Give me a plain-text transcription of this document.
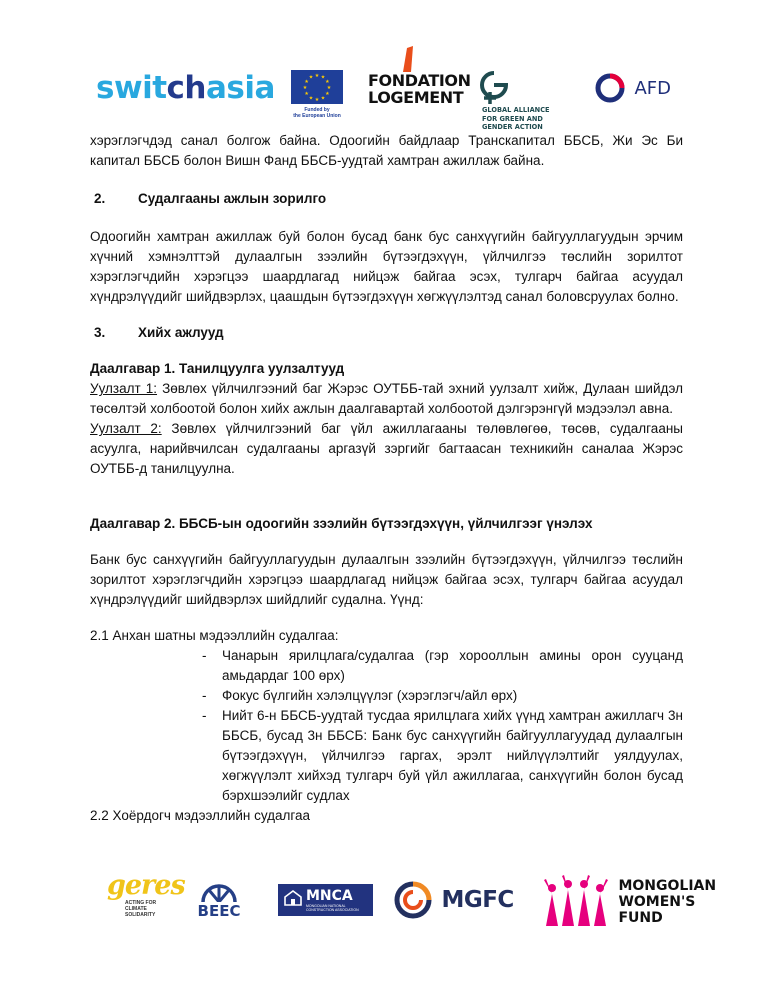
switchasia	★ ★
★
★
★
★
★
★
★
★
★
★
Funded by
the European Union
FONDATION
LOGEMENT
GLOBAL ALLIANCE
FOR GREEN AND
GENDER ACTION
AFD

хэрэглэгчдэд санал болгож байна. Одоогийн байдлаар Транскапитал ББСБ, Жи Эс Би капитал ББСБ болон Вишн Фанд ББСБ-уудтай хамтран ажиллаж байна.

2.	Судалгааны ажлын зорилго

Одоогийн хамтран ажиллаж буй болон бусад банк бус санхүүгийн байгууллагуудын эрчим хүчний хэмнэлттэй дулаалгын зээлийн бүтээгдэхүүн, үйлчилгээ төслийн зорилтот хэрэглэгчдийн хэрэгцээ шаардлагад нийцэж байгаа эсэх, тулгарч байгаа асуудал хүндрэлүүдийг шийдвэрлэх, цаашдын бүтээгдэхүүн хөгжүүлэлтэд санал боловсруулах болно.

3.	Хийх ажлууд
Даалгавар 1. Танилцуулга уулзалтууд

Уулзалт 1: Зөвлөх үйлчилгээний баг Жэрэс ОУТББ-тай эхний уулзалт хийж, Дулаан шийдэл төсөлтэй холбоотой болон хийх ажлын даалгавартай холбоотой дэлгэрэнгүй мэдээлэл авна.

Уулзалт 2: Зөвлөх үйлчилгээний баг үйл ажиллагааны төлөвлөгөө, төсөв, судалгааны асуулга, нарийвчилсан судалгааны аргазүй зэргийг багтаасан техникийн саналаа Жэрэс ОУТББ-д танилцуулна.

Даалгавар 2. ББСБ-ын одоогийн зээлийн бүтээгдэхүүн, үйлчилгээг үнэлэх

Банк бус санхүүгийн байгууллагуудын дулаалгын зээлийн бүтээгдэхүүн, үйлчилгээ төслийн зорилтот хэрэглэгчдийн хэрэгцээ шаардлагад нийцэж байгаа эсэх, тулгарч байгаа асуудал хүндрэлүүдийг шийдвэрлэх шийдлийг судална. Үүнд:

2.1 Анхан шатны мэдээллийн судалгаа:
-	Чанарын ярилцлага/судалгаа (гэр хорооллын амины орон сууцанд амьдардаг 100 өрх)
-	Фокус бүлгийн хэлэлцүүлэг (хэрэглэгч/айл өрх)
-	Нийт 6-н ББСБ-уудтай тусдаа ярилцлага хийх үүнд хамтран ажиллагч 3н ББСБ, бусад 3н ББСБ: Банк бус санхүүгийн байгууллагуудад дулаалгын бүтээгдэхүүн, үйлчилгээ гаргах, эрэлт нийлүүлэлтийг уялдуулах, хөгжүүлэлт хийхэд тулгарч буй үйл ажиллагаа, санхүүгийн болон бусад бэрхшээлийг судлах
2.2 Хоёрдогч мэдээллийн судалгаа
geres
ACTING FOR
CLIMATE
SOLIDARITY	BEEC
MNCA
MONGOLIAN NATIONAL
CONSTRUCTION ASSOCIATION	MGFC
MONGOLIAN
WOMEN'S
FUND
